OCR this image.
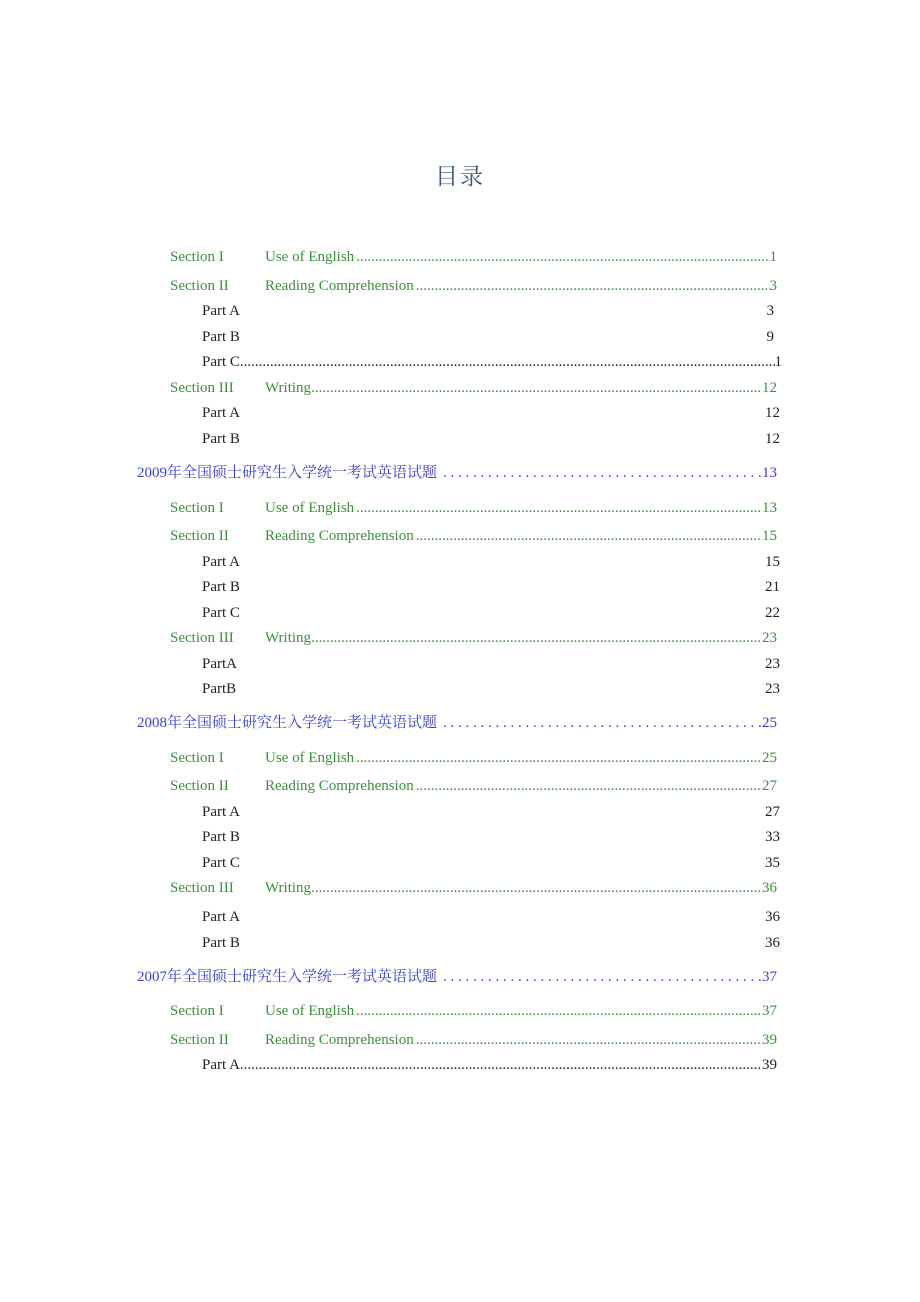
目录
Section I	Use of English .....	1
Section II	Reading Comprehension .....	3
Part A	3
Part B	9
Part C .....	1
Section III	Writing .....	12
Part A	12
Part B	12
2009年全国硕士研究生入学统一考试英语试题 . . .	13
Section I	Use of English .....	13
Section II	Reading Comprehension .....	15
Part A	15
Part B	21
Part C	22
Section III	Writing .....	23
PartA	23
PartB	23
2008年全国硕士研究生入学统一考试英语试题 . . .	25
Section I	Use of English .....	25
Section II	Reading Comprehension .....	27
Part A	27
Part B	33
Part C	35
Section III	Writing .....	36
Part A	36
Part B	36
2007年全国硕士研究生入学统一考试英语试题 . . .	37
Section I	Use of English .....	37
Section II	Reading Comprehension .....	39
Part A .....	39
